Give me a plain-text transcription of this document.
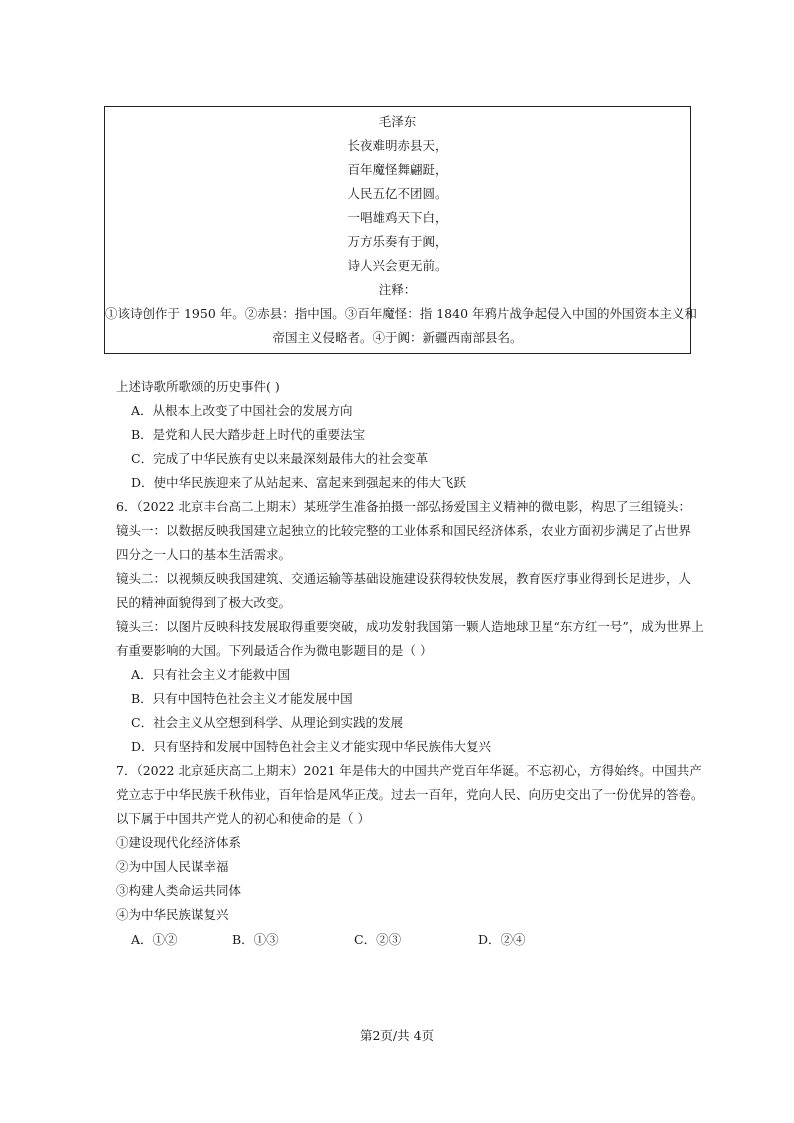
毛泽东
长夜难明赤县天，
百年魔怪舞翩跹，
人民五亿不团圆。
一唱雄鸡天下白，
万方乐奏有于阗，
诗人兴会更无前。
注释：
①该诗创作于 1950 年。②赤县：指中国。③百年魔怪：指 1840 年鸦片战争起侵入中国的外国资本主义和
帝国主义侵略者。④于阗：新疆西南部县名。
上述诗歌所歌颂的历史事件( )
A．从根本上改变了中国社会的发展方向
B．是党和人民大踏步赶上时代的重要法宝
C．完成了中华民族有史以来最深刻最伟大的社会变革
D．使中华民族迎来了从站起来、富起来到强起来的伟大飞跃
6．（2022 北京丰台高二上期末）某班学生准备拍摄一部弘扬爱国主义精神的微电影，构思了三组镜头：
镜头一：以数据反映我国建立起独立的比较完整的工业体系和国民经济体系，农业方面初步满足了占世界
四分之一人口的基本生活需求。
镜头二：以视频反映我国建筑、交通运输等基础设施建设获得较快发展，教育医疗事业得到长足进步，人
民的精神面貌得到了极大改变。
镜头三：以图片反映科技发展取得重要突破，成功发射我国第一颗人造地球卫星“东方红一号”，成为世界上
有重要影响的大国。下列最适合作为微电影题目的是（ ）
A．只有社会主义才能救中国
B．只有中国特色社会主义才能发展中国
C．社会主义从空想到科学、从理论到实践的发展
D．只有坚持和发展中国特色社会主义才能实现中华民族伟大复兴
7．（2022 北京延庆高二上期末）2021 年是伟大的中国共产党百年华诞。不忘初心，方得始终。中国共产
党立志于中华民族千秋伟业，百年恰是风华正茂。过去一百年，党向人民、向历史交出了一份优异的答卷。
以下属于中国共产党人的初心和使命的是（ ）
①建设现代化经济体系
②为中国人民谋幸福
③构建人类命运共同体
④为中华民族谋复兴
A．①②	B．①③	C．②③	D．②④
第2页/共 4页
